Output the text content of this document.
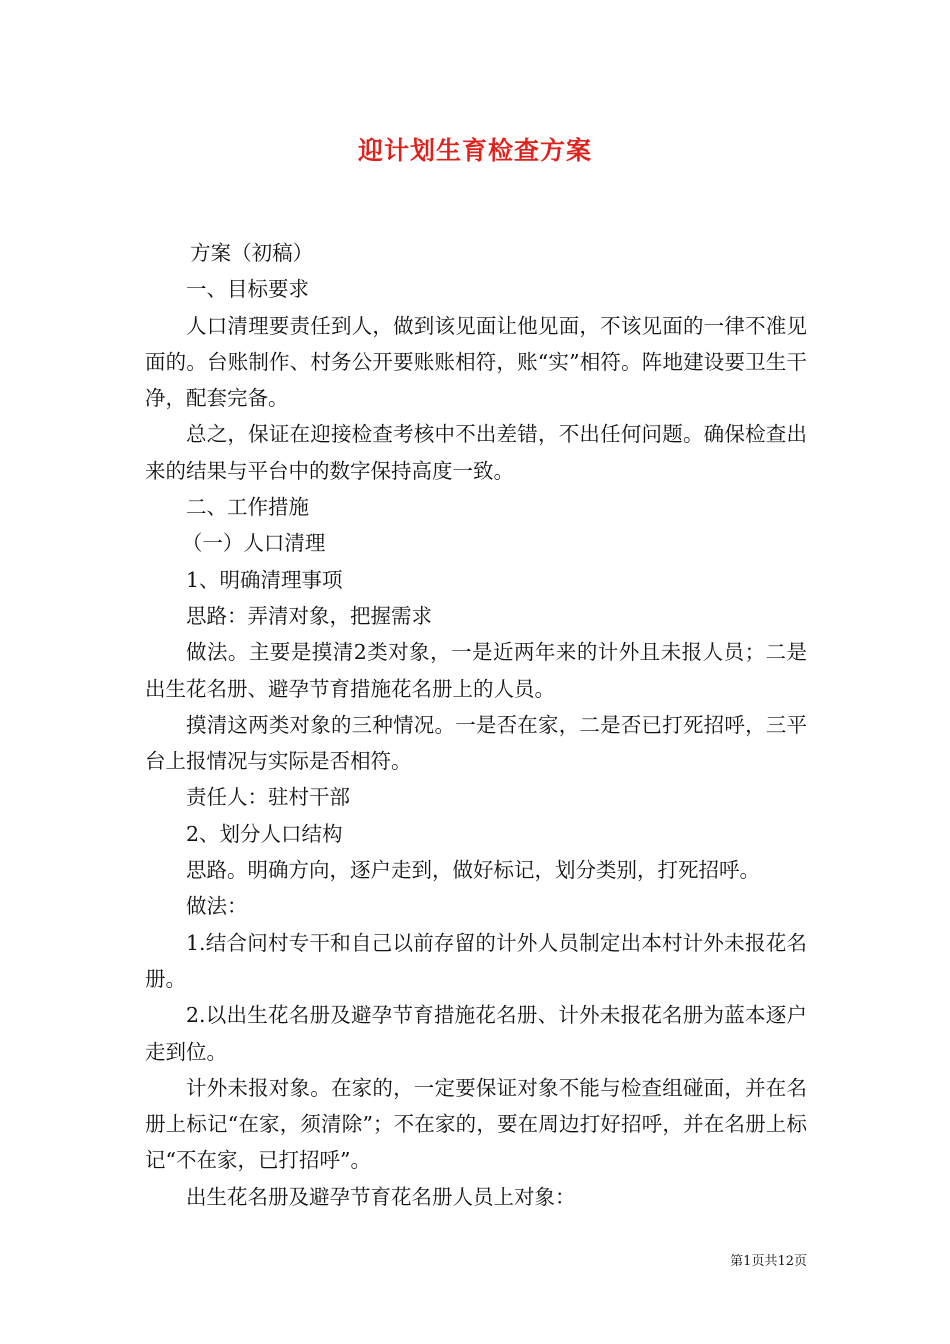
迎计划生育检查方案

方案（初稿）

一、目标要求

人口清理要责任到人，做到该见面让他见面，不该见面的一律不准见面的。台账制作、村务公开要账账相符，账“实”相符。阵地建设要卫生干净，配套完备。

总之，保证在迎接检查考核中不出差错，不出任何问题。确保检查出来的结果与平台中的数字保持高度一致。

二、工作措施

（一）人口清理

1、明确清理事项

思路：弄清对象，把握需求

做法。主要是摸清2类对象，一是近两年来的计外且未报人员；二是出生花名册、避孕节育措施花名册上的人员。

摸清这两类对象的三种情况。一是否在家，二是否已打死招呼，三平台上报情况与实际是否相符。

责任人：驻村干部

2、划分人口结构

思路。明确方向，逐户走到，做好标记，划分类别，打死招呼。

做法：

1.结合问村专干和自己以前存留的计外人员制定出本村计外未报花名册。

2.以出生花名册及避孕节育措施花名册、计外未报花名册为蓝本逐户走到位。

计外未报对象。在家的，一定要保证对象不能与检查组碰面，并在名册上标记“在家，须清除”；不在家的，要在周边打好招呼，并在名册上标记“不在家，已打招呼”。

出生花名册及避孕节育花名册人员上对象：

第1页共12页
